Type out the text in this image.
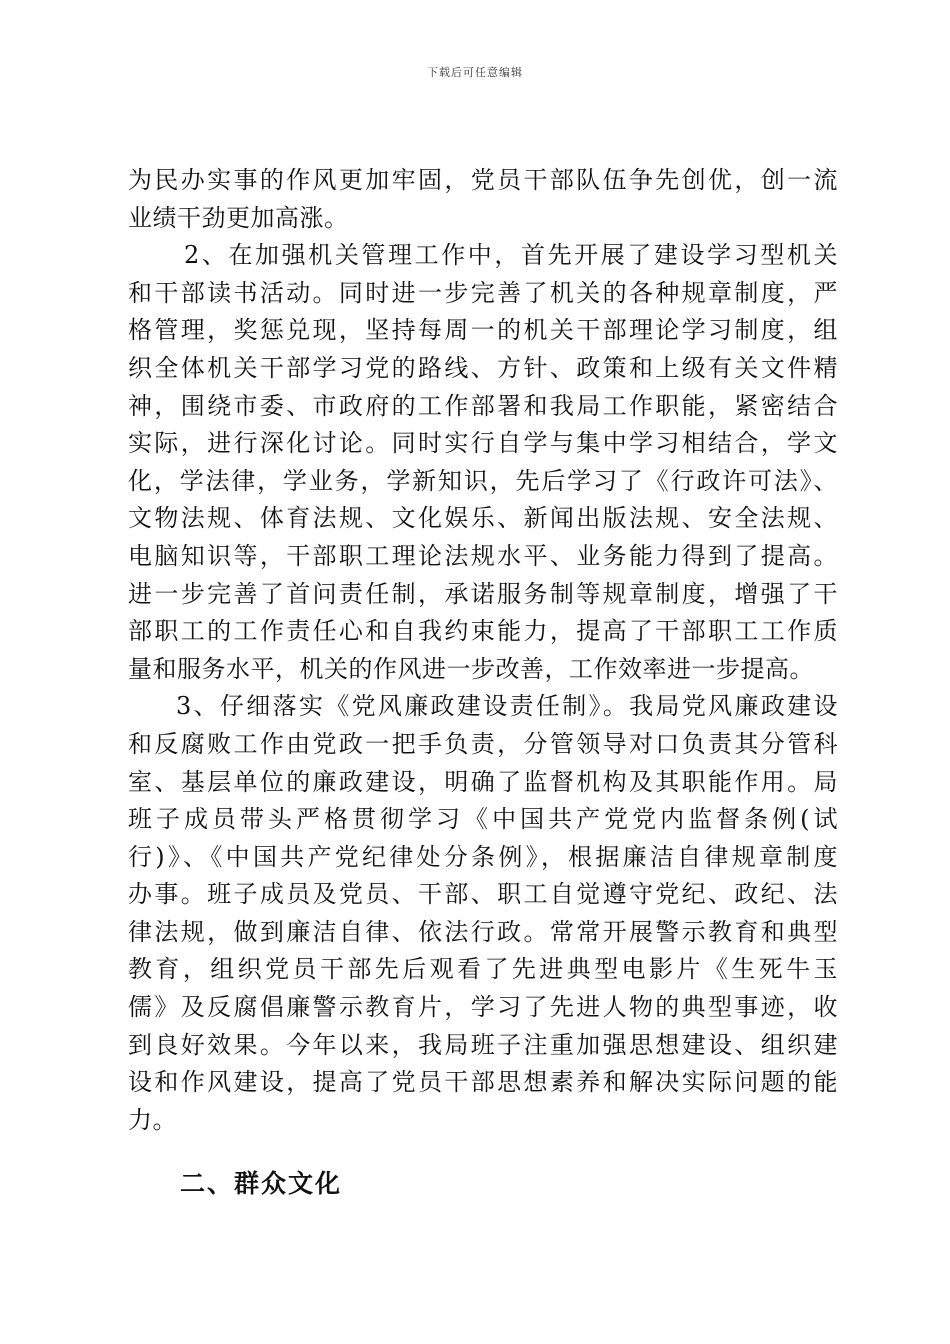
下载后可任意编辑
为民办实事的作风更加牢固，党员干部队伍争先创优，创一流
业绩干劲更加高涨。
2、在加强机关管理工作中，首先开展了建设学习型机关
和干部读书活动。同时进一步完善了机关的各种规章制度，严
格管理，奖惩兑现，坚持每周一的机关干部理论学习制度，组
织全体机关干部学习党的路线、方针、政策和上级有关文件精
神，围绕市委、市政府的工作部署和我局工作职能，紧密结合
实际，进行深化讨论。同时实行自学与集中学习相结合，学文
化，学法律，学业务，学新知识，先后学习了《行政许可法》、
文物法规、体育法规、文化娱乐、新闻出版法规、安全法规、
电脑知识等，干部职工理论法规水平、业务能力得到了提高。
进一步完善了首问责任制，承诺服务制等规章制度，增强了干
部职工的工作责任心和自我约束能力，提高了干部职工工作质
量和服务水平，机关的作风进一步改善，工作效率进一步提高。
3、仔细落实《党风廉政建设责任制》。我局党风廉政建设
和反腐败工作由党政一把手负责，分管领导对口负责其分管科
室、基层单位的廉政建设，明确了监督机构及其职能作用。局
班子成员带头严格贯彻学习《中国共产党党内监督条例(试
行)》、《中国共产党纪律处分条例》，根据廉洁自律规章制度
办事。班子成员及党员、干部、职工自觉遵守党纪、政纪、法
律法规，做到廉洁自律、依法行政。常常开展警示教育和典型
教育，组织党员干部先后观看了先进典型电影片《生死牛玉
儒》及反腐倡廉警示教育片，学习了先进人物的典型事迹，收
到良好效果。今年以来，我局班子注重加强思想建设、组织建
设和作风建设，提高了党员干部思想素养和解决实际问题的能
力。
二、群众文化
